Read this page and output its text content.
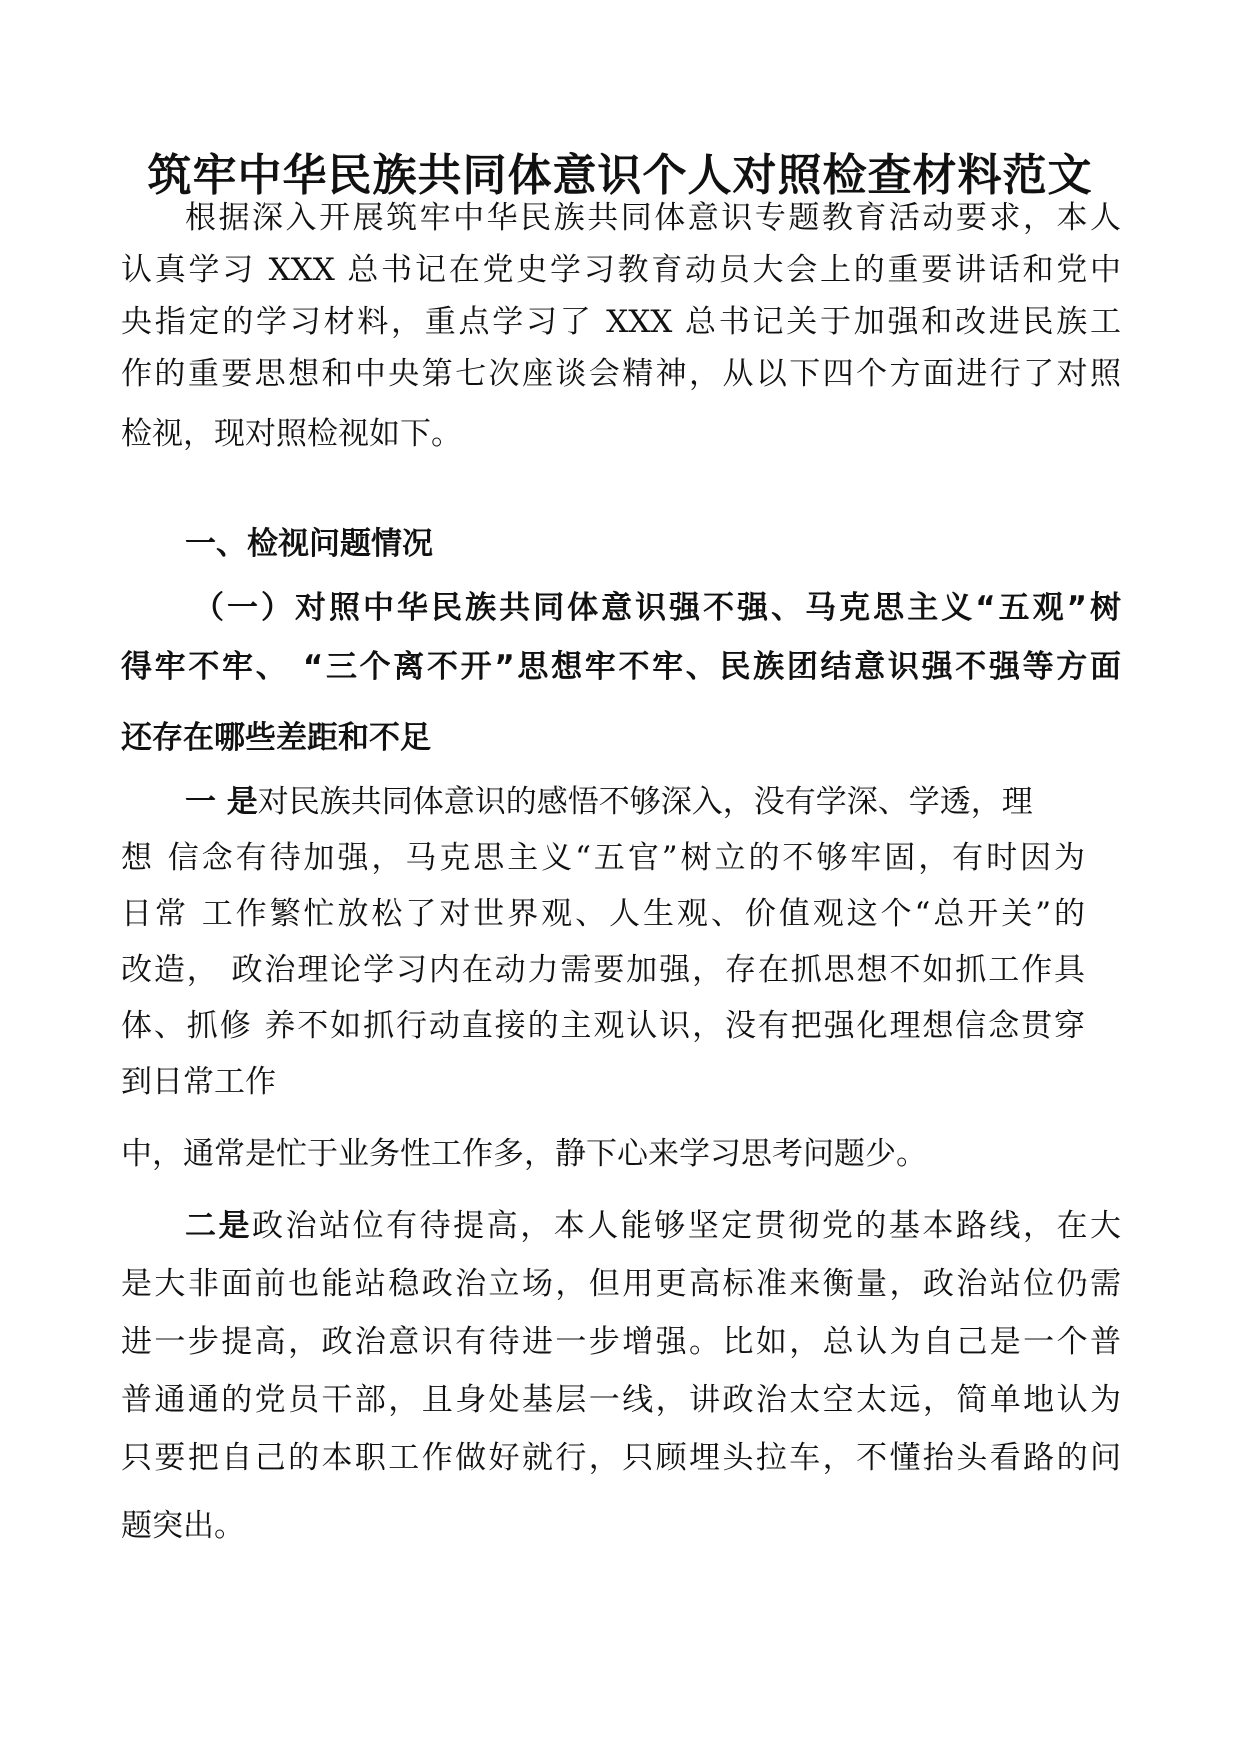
筑牢中华民族共同体意识个人对照检查材料范文
根据深入开展筑牢中华民族共同体意识专题教育活动要求，本人
认真学习 XXX 总书记在党史学习教育动员大会上的重要讲话和党中
央指定的学习材料，重点学习了 XXX 总书记关于加强和改进民族工
作的重要思想和中央第七次座谈会精神，从以下四个方面进行了对照
检视，现对照检视如下。
一、检视问题情况
（一）对照中华民族共同体意识强不强、马克思主义“五观”树
得牢不牢、 “三个离不开”思想牢不牢、民族团结意识强不强等方面
还存在哪些差距和不足
一 是对民族共同体意识的感悟不够深入，没有学深、学透，理
想 信念有待加强，马克思主义“五官”树立的不够牢固，有时因为
日常 工作繁忙放松了对世界观、人生观、价值观这个“总开关”的
改造， 政治理论学习内在动力需要加强，存在抓思想不如抓工作具
体、抓修 养不如抓行动直接的主观认识，没有把强化理想信念贯穿
到日常工作
中，通常是忙于业务性工作多，静下心来学习思考问题少。
二是政治站位有待提高，本人能够坚定贯彻党的基本路线，在大
是大非面前也能站稳政治立场，但用更高标准来衡量，政治站位仍需
进一步提高，政治意识有待进一步增强。比如，总认为自己是一个普
普通通的党员干部，且身处基层一线，讲政治太空太远，简单地认为
只要把自己的本职工作做好就行，只顾埋头拉车，不懂抬头看路的问
题突出。
